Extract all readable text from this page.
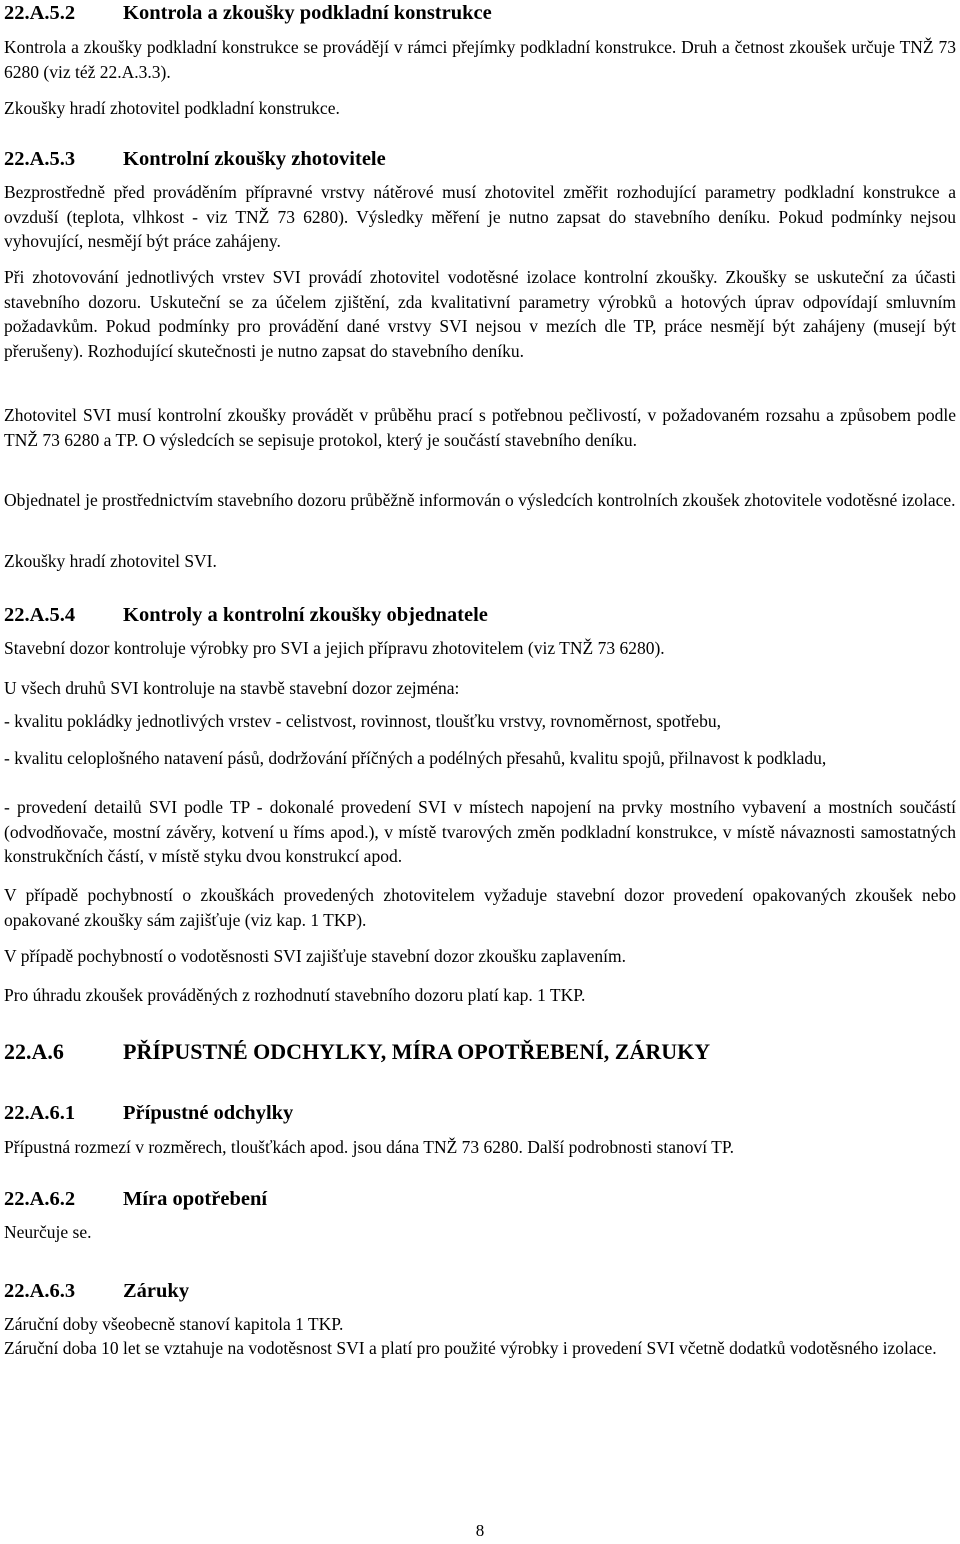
22.A.5.2 Kontrola a zkoušky podkladní konstrukce
Kontrola a zkoušky podkladní konstrukce se provádějí v rámci přejímky podkladní konstrukce. Druh a četnost zkoušek určuje TNŽ 73 6280 (viz též 22.A.3.3).
Zkoušky hradí zhotovitel podkladní konstrukce.
22.A.5.3 Kontrolní zkoušky zhotovitele
Bezprostředně před prováděním přípravné vrstvy nátěrové musí zhotovitel změřit rozhodující parametry podkladní konstrukce a ovzduší (teplota, vlhkost - viz TNŽ 73 6280). Výsledky měření je nutno zapsat do stavebního deníku. Pokud podmínky nejsou vyhovující, nesmějí být práce zahájeny.
Při zhotovování jednotlivých vrstev SVI provádí zhotovitel vodotěsné izolace kontrolní zkoušky. Zkoušky se uskuteční za účasti stavebního dozoru. Uskuteční se za účelem zjištění, zda kvalitativní parametry výrobků a hotových úprav odpovídají smluvním požadavkům. Pokud podmínky pro provádění dané vrstvy SVI nejsou v mezích dle TP, práce nesmějí být zahájeny (musejí být přerušeny). Rozhodující skutečnosti je nutno zapsat do stavebního deníku.
Zhotovitel SVI musí kontrolní zkoušky provádět v průběhu prací s potřebnou pečlivostí, v požadovaném rozsahu a způsobem podle TNŽ 73 6280 a TP. O výsledcích se sepisuje protokol, který je součástí stavebního deníku.
Objednatel je prostřednictvím stavebního dozoru průběžně informován o výsledcích kontrolních zkoušek zhotovitele vodotěsné izolace.
Zkoušky hradí zhotovitel SVI.
22.A.5.4 Kontroly a kontrolní zkoušky objednatele
Stavební dozor kontroluje výrobky pro SVI a jejich přípravu zhotovitelem (viz TNŽ 73 6280).
U všech druhů SVI kontroluje na stavbě stavební dozor zejména:
- kvalitu pokládky jednotlivých vrstev - celistvost, rovinnost, tloušťku vrstvy, rovnoměrnost, spotřebu,
- kvalitu celoplošného natavení pásů, dodržování příčných a podélných přesahů, kvalitu spojů, přilnavost k podkladu,
- provedení detailů SVI podle TP - dokonalé provedení SVI v místech napojení na prvky mostního vybavení a mostních součástí (odvodňovače, mostní závěry, kotvení u říms apod.), v místě tvarových změn podkladní konstrukce, v místě návaznosti samostatných konstrukčních částí, v místě styku dvou konstrukcí apod.
V případě pochybností o zkouškách provedených zhotovitelem vyžaduje stavební dozor provedení opakovaných zkoušek nebo opakované zkoušky sám zajišťuje (viz kap. 1 TKP).
V případě pochybností o vodotěsnosti SVI zajišťuje stavební dozor zkoušku zaplavením.
Pro úhradu zkoušek prováděných z rozhodnutí stavebního dozoru platí kap. 1 TKP.
22.A.6	PŘÍPUSTNÉ ODCHYLKY, MÍRA OPOTŘEBENÍ, ZÁRUKY
22.A.6.1 Přípustné odchylky
Přípustná rozmezí v rozměrech, tloušťkách apod. jsou dána TNŽ 73 6280. Další podrobnosti stanoví TP.
22.A.6.2 Míra opotřebení
Neurčuje se.
22.A.6.3 Záruky
Záruční doby všeobecně stanoví kapitola 1 TKP.
Záruční doba 10 let se vztahuje na vodotěsnost SVI a platí pro použité výrobky i provedení SVI včetně dodatků vodotěsného izolace.
8
